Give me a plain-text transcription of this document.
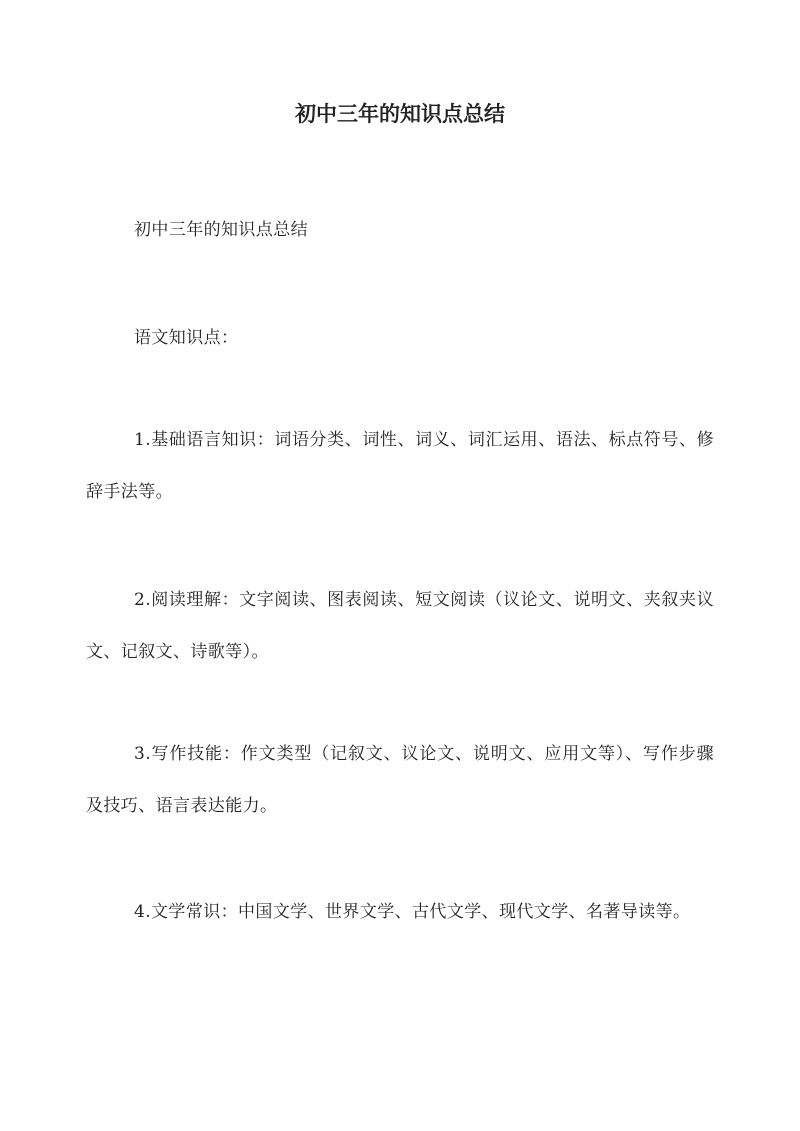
初中三年的知识点总结

初中三年的知识点总结

语文知识点：

1.基础语言知识：词语分类、词性、词义、词汇运用、语法、标点符号、修辞手法等。

2.阅读理解：文字阅读、图表阅读、短文阅读（议论文、说明文、夹叙夹议文、记叙文、诗歌等）。

3.写作技能：作文类型（记叙文、议论文、说明文、应用文等）、写作步骤及技巧、语言表达能力。

4.文学常识：中国文学、世界文学、古代文学、现代文学、名著导读等。
